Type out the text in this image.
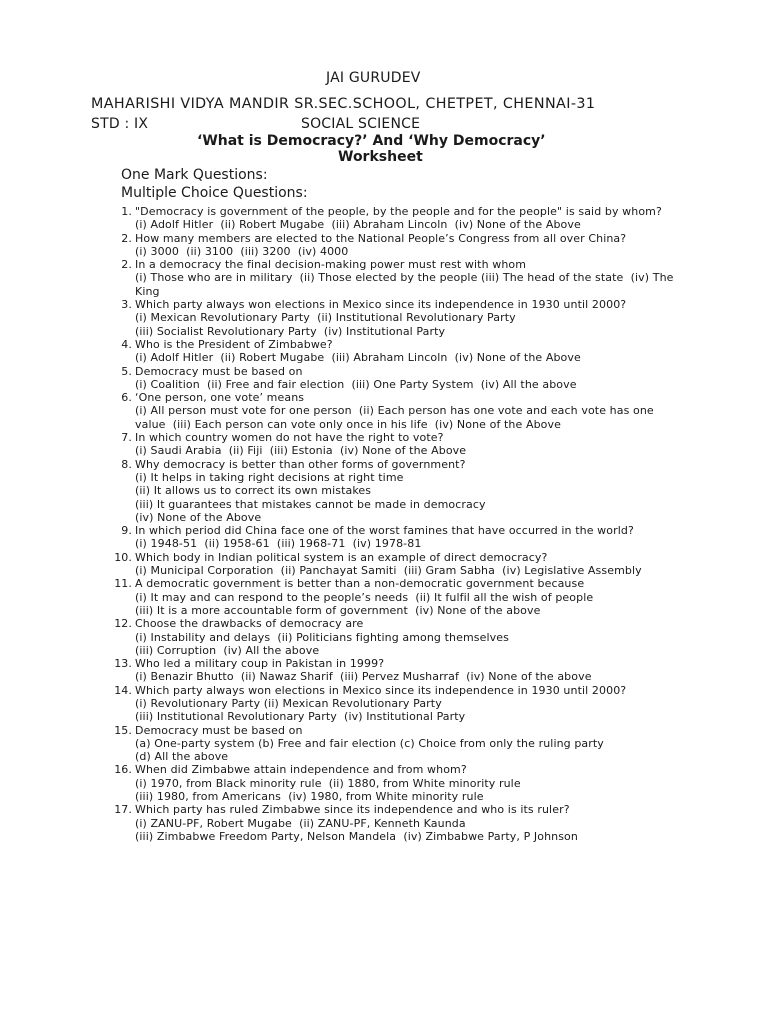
JAI GURUDEV
MAHARISHI VIDYA MANDIR SR.SEC.SCHOOL, CHETPET, CHENNAI-31
STD : IX	SOCIAL SCIENCE
‘What is Democracy?’ And ‘Why Democracy’
Worksheet
One Mark Questions:
Multiple Choice Questions:
1. "Democracy is government of the people, by the people and for the people" is said by whom?
(i) Adolf Hitler  (ii) Robert Mugabe  (iii) Abraham Lincoln  (iv) None of the Above
2. How many members are elected to the National People’s Congress from all over China?
(i) 3000  (ii) 3100  (iii) 3200  (iv) 4000
2. In a democracy the final decision-making power must rest with whom
(i) Those who are in military  (ii) Those elected by the people (iii) The head of the state  (iv) The King
3. Which party always won elections in Mexico since its independence in 1930 until 2000?
(i) Mexican Revolutionary Party  (ii) Institutional Revolutionary Party
(iii) Socialist Revolutionary Party  (iv) Institutional Party
4. Who is the President of Zimbabwe?
(i) Adolf Hitler  (ii) Robert Mugabe  (iii) Abraham Lincoln  (iv) None of the Above
5. Democracy must be based on
(i) Coalition  (ii) Free and fair election  (iii) One Party System  (iv) All the above
6. ‘One person, one vote’ means
(i) All person must vote for one person  (ii) Each person has one vote and each vote has one value  (iii) Each person can vote only once in his life  (iv) None of the Above
7. In which country women do not have the right to vote?
(i) Saudi Arabia  (ii) Fiji  (iii) Estonia  (iv) None of the Above
8. Why democracy is better than other forms of government?
(i) It helps in taking right decisions at right time
(ii) It allows us to correct its own mistakes
(iii) It guarantees that mistakes cannot be made in democracy
(iv) None of the Above
9. In which period did China face one of the worst famines that have occurred in the world?
(i) 1948-51  (ii) 1958-61  (iii) 1968-71  (iv) 1978-81
10. Which body in Indian political system is an example of direct democracy?
(i) Municipal Corporation  (ii) Panchayat Samiti  (iii) Gram Sabha  (iv) Legislative Assembly
11. A democratic government is better than a non-democratic government because
(i) It may and can respond to the people’s needs  (ii) It fulfil all the wish of people
(iii) It is a more accountable form of government  (iv) None of the above
12. Choose the drawbacks of democracy are
(i) Instability and delays  (ii) Politicians fighting among themselves
(iii) Corruption  (iv) All the above
13. Who led a military coup in Pakistan in 1999?
(i) Benazir Bhutto  (ii) Nawaz Sharif  (iii) Pervez Musharraf  (iv) None of the above
14. Which party always won elections in Mexico since its independence in 1930 until 2000?
(i) Revolutionary Party (ii) Mexican Revolutionary Party
(iii) Institutional Revolutionary Party  (iv) Institutional Party
15. Democracy must be based on
(a) One-party system (b) Free and fair election (c) Choice from only the ruling party
(d) All the above
16. When did Zimbabwe attain independence and from whom?
(i) 1970, from Black minority rule  (ii) 1880, from White minority rule
(iii) 1980, from Americans  (iv) 1980, from White minority rule
17. Which party has ruled Zimbabwe since its independence and who is its ruler?
(i) ZANU-PF, Robert Mugabe  (ii) ZANU-PF, Kenneth Kaunda
(iii) Zimbabwe Freedom Party, Nelson Mandela  (iv) Zimbabwe Party, P Johnson
